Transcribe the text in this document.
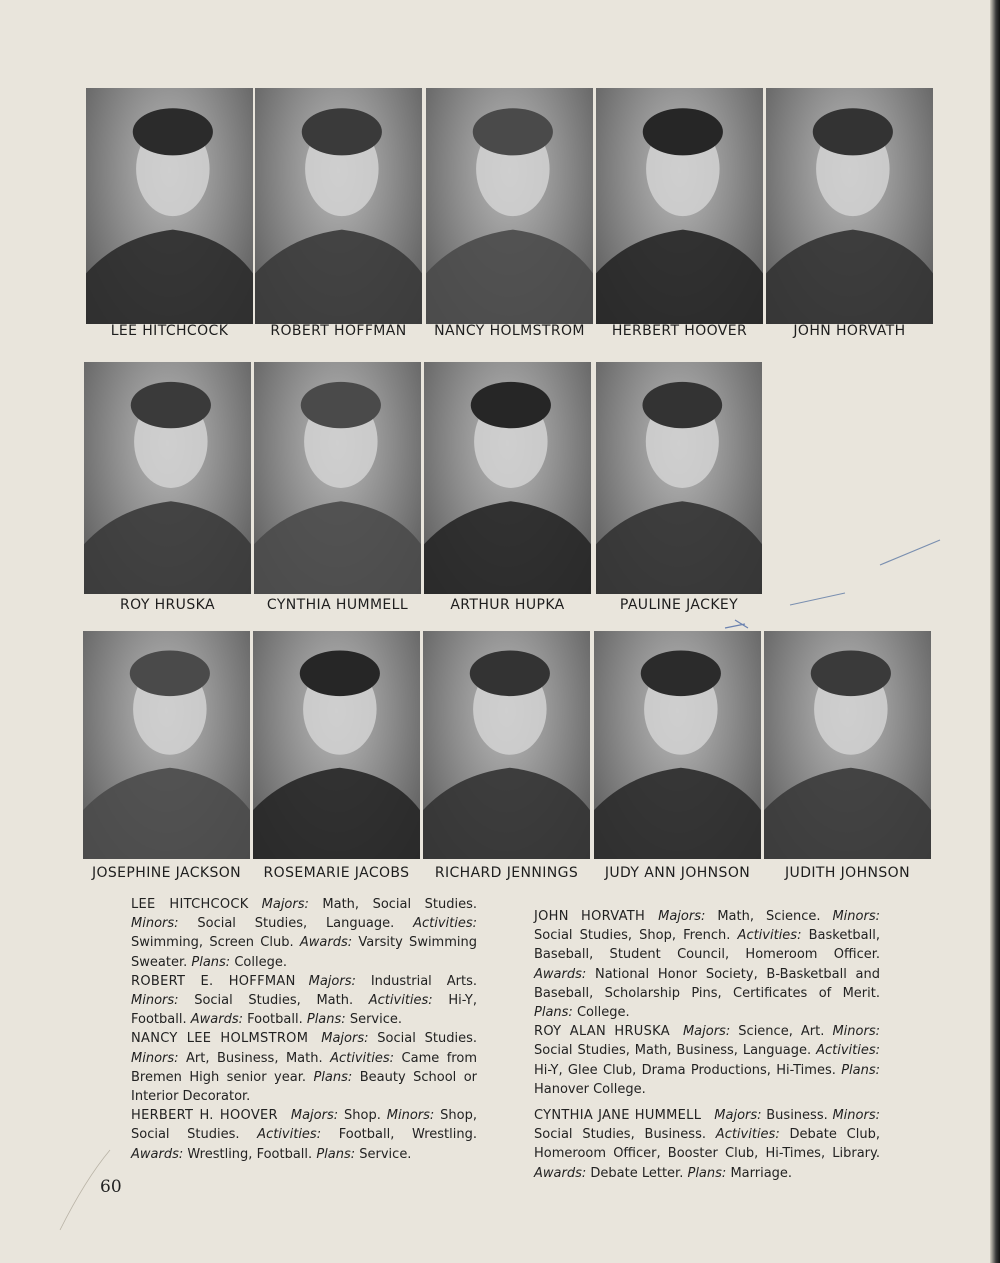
LEE HITCHCOCK	ROBERT HOFFMAN	NANCY HOLMSTROM	HERBERT HOOVER	JOHN HORVATH
ROY HRUSKA	CYNTHIA HUMMELL	ARTHUR HUPKA	PAULINE JACKEY
JOSEPHINE JACKSON	ROSEMARIE JACOBS	RICHARD JENNINGS	JUDY ANN JOHNSON	JUDITH JOHNSON

LEE HITCHCOCK  Majors: Math, Social Studies. Minors: Social Studies, Language. Activities: Swimming, Screen Club. Awards: Varsity Swimming Sweater. Plans: College.

ROBERT E. HOFFMAN  Majors: Industrial Arts. Minors: Social Studies, Math. Activities: Hi-Y, Football. Awards: Football. Plans: Service.

NANCY LEE HOLMSTROM  Majors: Social Studies. Minors: Art, Business, Math. Activities: Came from Bremen High senior year. Plans: Beauty School or Interior Decorator.

HERBERT H. HOOVER  Majors: Shop. Minors: Shop, Social Studies. Activities: Football, Wrestling. Awards: Wrestling, Football. Plans: Service.

JOHN HORVATH  Majors: Math, Science. Minors: Social Studies, Shop, French. Activities: Basketball, Baseball, Student Council, Homeroom Officer. Awards: National Honor Society, B-Basketball and Baseball, Scholarship Pins, Certificates of Merit. Plans: College.

ROY ALAN HRUSKA  Majors: Science, Art. Minors: Social Studies, Math, Business, Language. Activities: Hi-Y, Glee Club, Drama Productions, Hi-Times. Plans: Hanover College.

CYNTHIA JANE HUMMELL  Majors: Business. Minors: Social Studies, Business. Activities: Debate Club, Homeroom Officer, Booster Club, Hi-Times, Library. Awards: Debate Letter. Plans: Marriage.

60
